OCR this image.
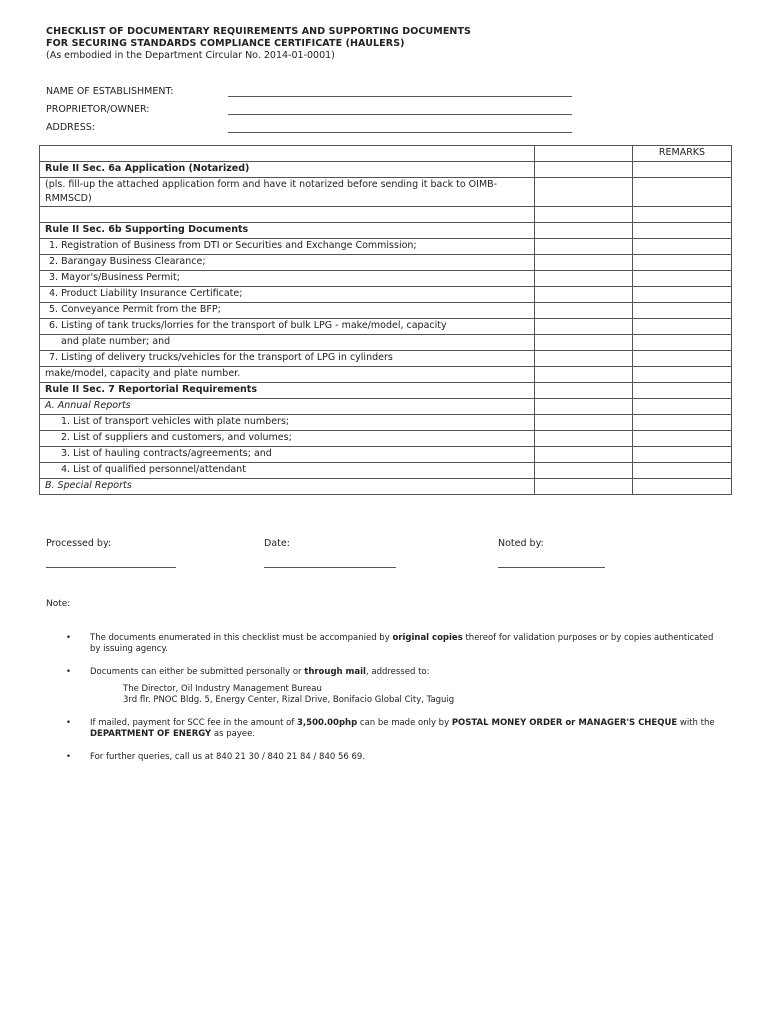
CHECKLIST OF DOCUMENTARY REQUIREMENTS AND SUPPORTING DOCUMENTS
FOR SECURING STANDARDS COMPLIANCE CERTIFICATE (HAULERS)
(As embodied in the Department Circular No. 2014-01-0001)
NAME OF ESTABLISHMENT:
PROPRIETOR/OWNER:
ADDRESS:
		REMARKS
Rule II Sec. 6a Application (Notarized)		
(pls. fill-up the attached application form and have it notarized before sending it back to OIMB-RMMSCD)		

Rule II Sec. 6b Supporting Documents		
1. Registration of Business from DTI or Securities and Exchange Commission;		
2. Barangay Business Clearance;		
3. Mayor's/Business Permit;		
4. Product Liability Insurance Certificate;		
5. Conveyance Permit from the BFP;		
6. Listing of tank trucks/lorries for the transport of bulk LPG - make/model, capacity		
and plate number; and		
7. Listing of delivery trucks/vehicles for the transport of LPG in cylinders		
make/model, capacity and plate number.		
Rule II Sec. 7 Reportorial Requirements		
A. Annual Reports		
1. List of transport vehicles with plate numbers;		
2. List of suppliers and customers, and volumes;		
3. List of hauling contracts/agreements; and		
4. List of qualified personnel/attendant		
B. Special Reports		
Processed by:	Date:	Noted by:
Note:
• The documents enumerated in this checklist must be accompanied by original copies thereof for validation purposes or by copies authenticated by issuing agency.
• Documents can either be submitted personally or through mail, addressed to:
The Director, Oil Industry Management Bureau
3rd flr. PNOC Bldg. 5, Energy Center, Rizal Drive, Bonifacio Global City, Taguig
• If mailed, payment for SCC fee in the amount of 3,500.00php can be made only by POSTAL MONEY ORDER or MANAGER'S CHEQUE with the DEPARTMENT OF ENERGY as payee.
• For further queries, call us at 840 21 30 / 840 21 84 / 840 56 69.
